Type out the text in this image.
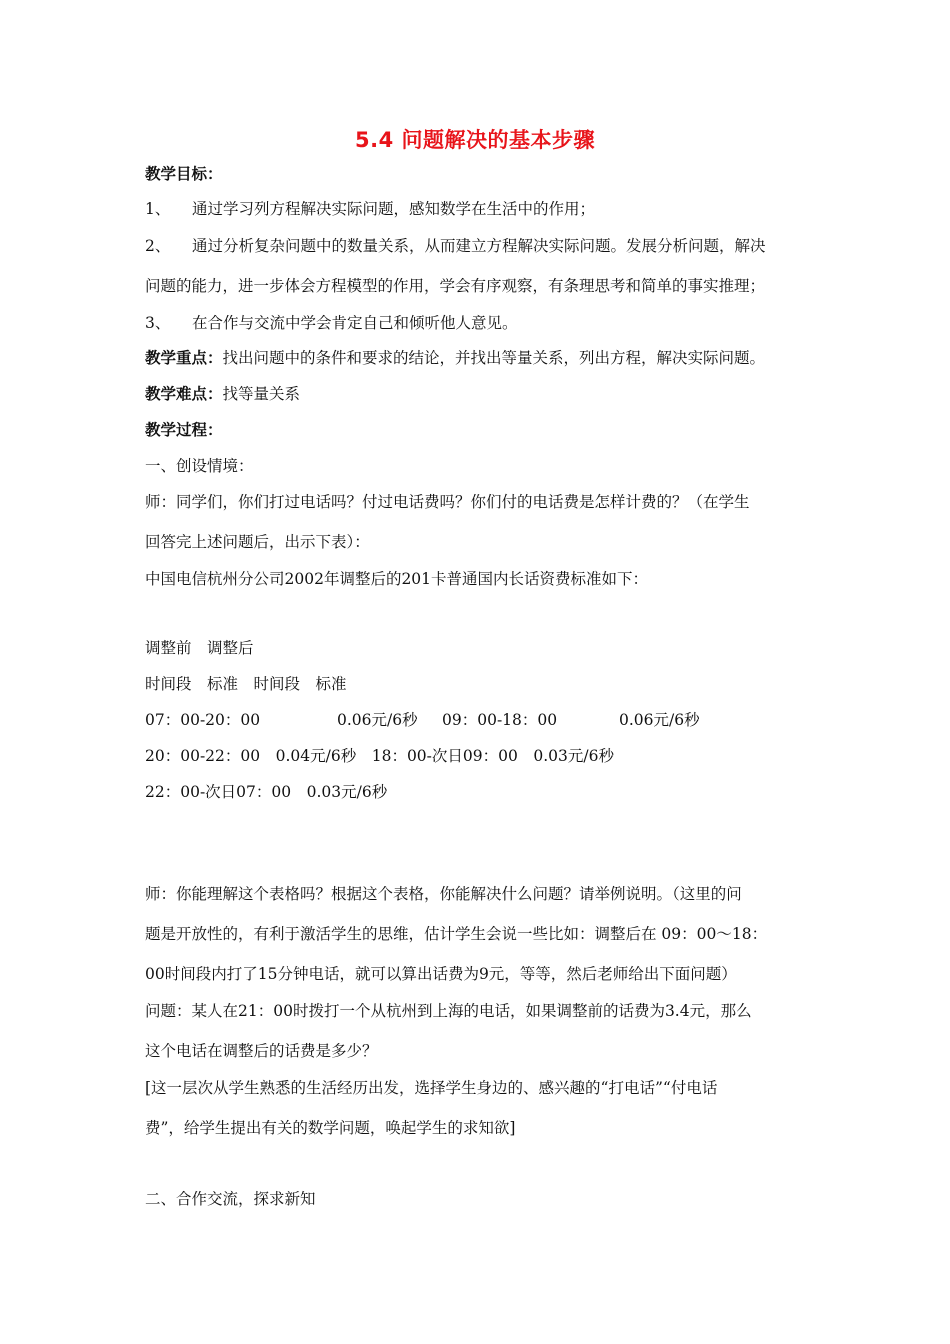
5.4 问题解决的基本步骤
教学目标：
1、 通过学习列方程解决实际问题，感知数学在生活中的作用；
2、 通过分析复杂问题中的数量关系，从而建立方程解决实际问题。发展分析问题，解决
问题的能力，进一步体会方程模型的作用，学会有序观察，有条理思考和简单的事实推理；
3、 在合作与交流中学会肯定自己和倾听他人意见。
教学重点：找出问题中的条件和要求的结论，并找出等量关系，列出方程，解决实际问题。
教学难点：找等量关系
教学过程：
一、创设情境：
师：同学们，你们打过电话吗？付过电话费吗？你们付的电话费是怎样计费的？（在学生
回答完上述问题后，出示下表）：
中国电信杭州分公司2002年调整后的201卡普通国内长话资费标准如下：
调整前　调整后
时间段　标准　时间段　标准
07：00-20：00	0.06元/6秒 09：00-18：00	0.06元/6秒
20：00-22：00　0.04元/6秒　18：00-次日09：00　0.03元/6秒
22：00-次日07：00　0.03元/6秒
师：你能理解这个表格吗？根据这个表格，你能解决什么问题？请举例说明。（这里的问
题是开放性的，有利于激活学生的思维，估计学生会说一些比如：调整后在 09：00～18：
00时间段内打了15分钟电话，就可以算出话费为9元，等等，然后老师给出下面问题）
问题：某人在21：00时拨打一个从杭州到上海的电话，如果调整前的话费为3.4元，那么
这个电话在调整后的话费是多少？
[这一层次从学生熟悉的生活经历出发，选择学生身边的、感兴趣的“打电话”“付电话
费”，给学生提出有关的数学问题，唤起学生的求知欲]
二、合作交流，探求新知
